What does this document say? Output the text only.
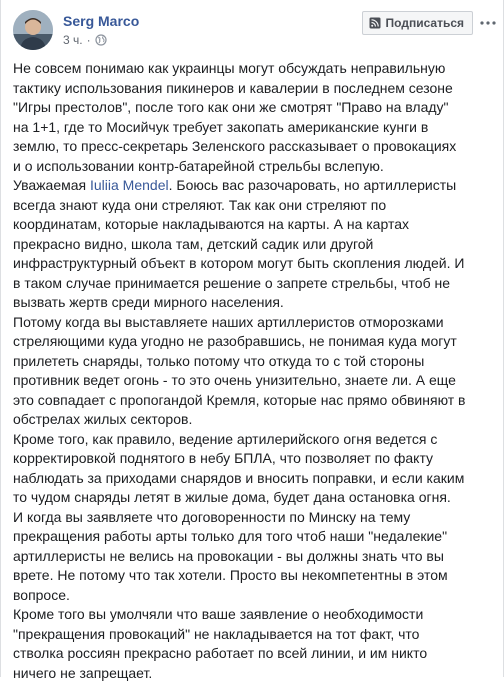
Serg Marco
3 ч. ·
Подписаться

Не совсем понимаю как украинцы могут обсуждать неправильную
тактику использования пикинеров и кавалерии в последнем сезоне
"Игры престолов", после того как они же смотрят "Право на владу"
на 1+1, где то Мосийчук требует закопать американские кунги в
землю, то пресс-секретарь Зеленского рассказывает о провокациях
и о использовании контр-батарейной стрельбы вслепую.

Уважаемая Iuliia Mendel. Боюсь вас разочаровать, но артиллеристы
всегда знают куда они стреляют. Так как они стреляют по
координатам, которые накладываются на карты. А на картах
прекрасно видно, школа там, детский садик или другой
инфраструктурный объект в котором могут быть скопления людей. И
в таком случае принимается решение о запрете стрельбы, чтоб не
вызвать жертв среди мирного населения.

Потому когда вы выставляете наших артиллеристов отморозками
стреляющими куда угодно не разобравшись, не понимая куда могут
прилететь снаряды, только потому что откуда то с той стороны
противник ведет огонь - то это очень унизительно, знаете ли. А еще
это совпадает с пропогандой Кремля, которые нас прямо обвиняют в
обстрелах жилых секторов.

Кроме того, как правило, ведение артилерийского огня ведется с
корректировкой поднятого в небу БПЛА, что позволяет по факту
наблюдать за приходами снарядов и вносить поправки, и если каким
то чудом снаряды летят в жилые дома, будет дана остановка огня.

И когда вы заявляете что договоренности по Минску на тему
прекращения работы арты только для того чтоб наши "недалекие"
артиллеристы не велись на провокации - вы должны знать что вы
врете. Не потому что так хотели. Просто вы некомпетентны в этом
вопросе.

Кроме того вы умолчяли что ваше заявление о необходимости
"прекращения провокаций" не накладывается на тот факт, что
стволка россиян прекрасно работает по всей линии, и им никто
ничего не запрещает.
